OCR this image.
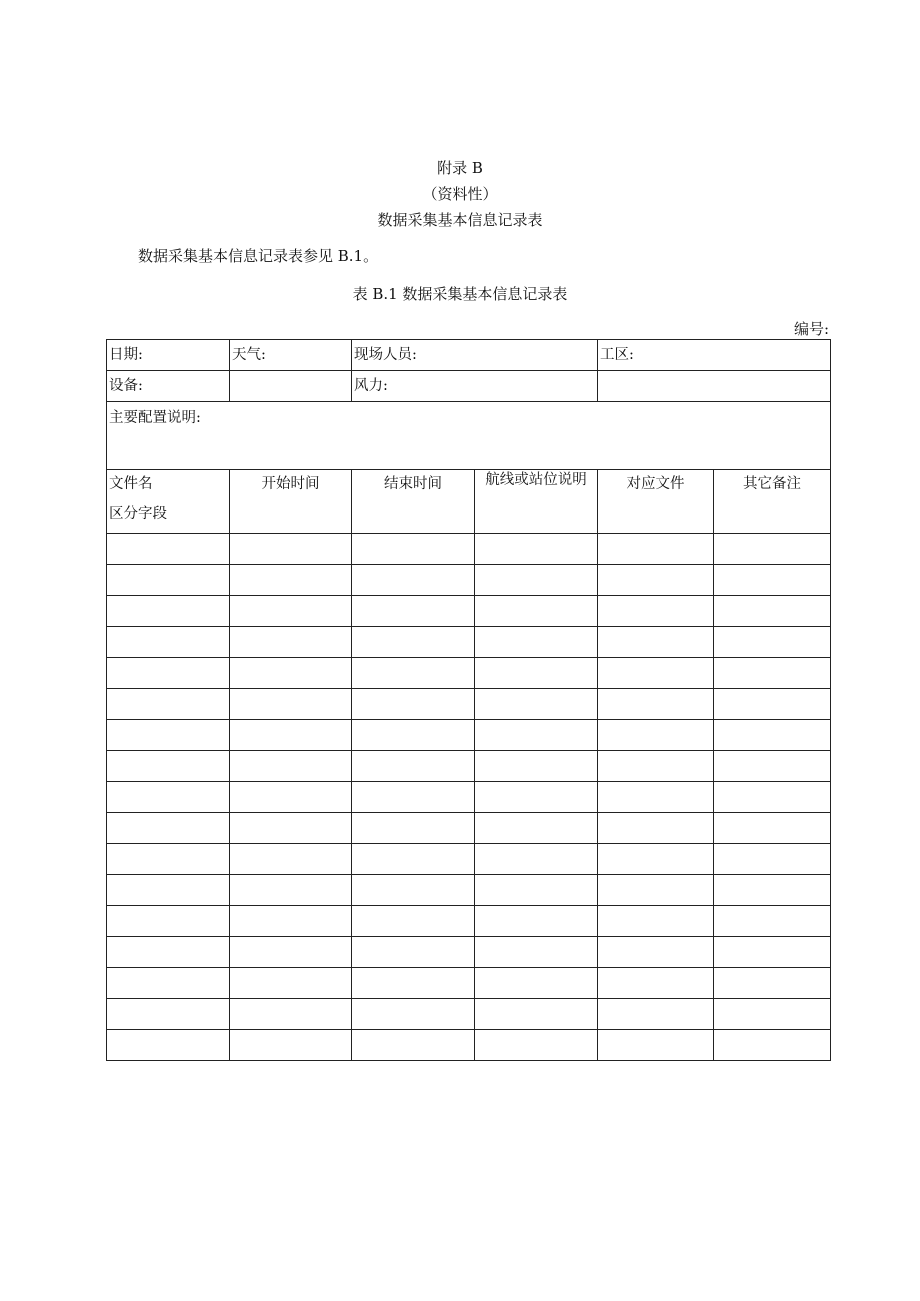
附录 B
（资料性）
数据采集基本信息记录表
数据采集基本信息记录表参见 B.1。
表 B.1 数据采集基本信息记录表
编号:
日期:	天气:	现场人员:		工区:	
设备:		风力:			
主要配置说明:					

文件名
区分字段	开始时间	结束时间	航线或站位说明	对应文件	其它备注
